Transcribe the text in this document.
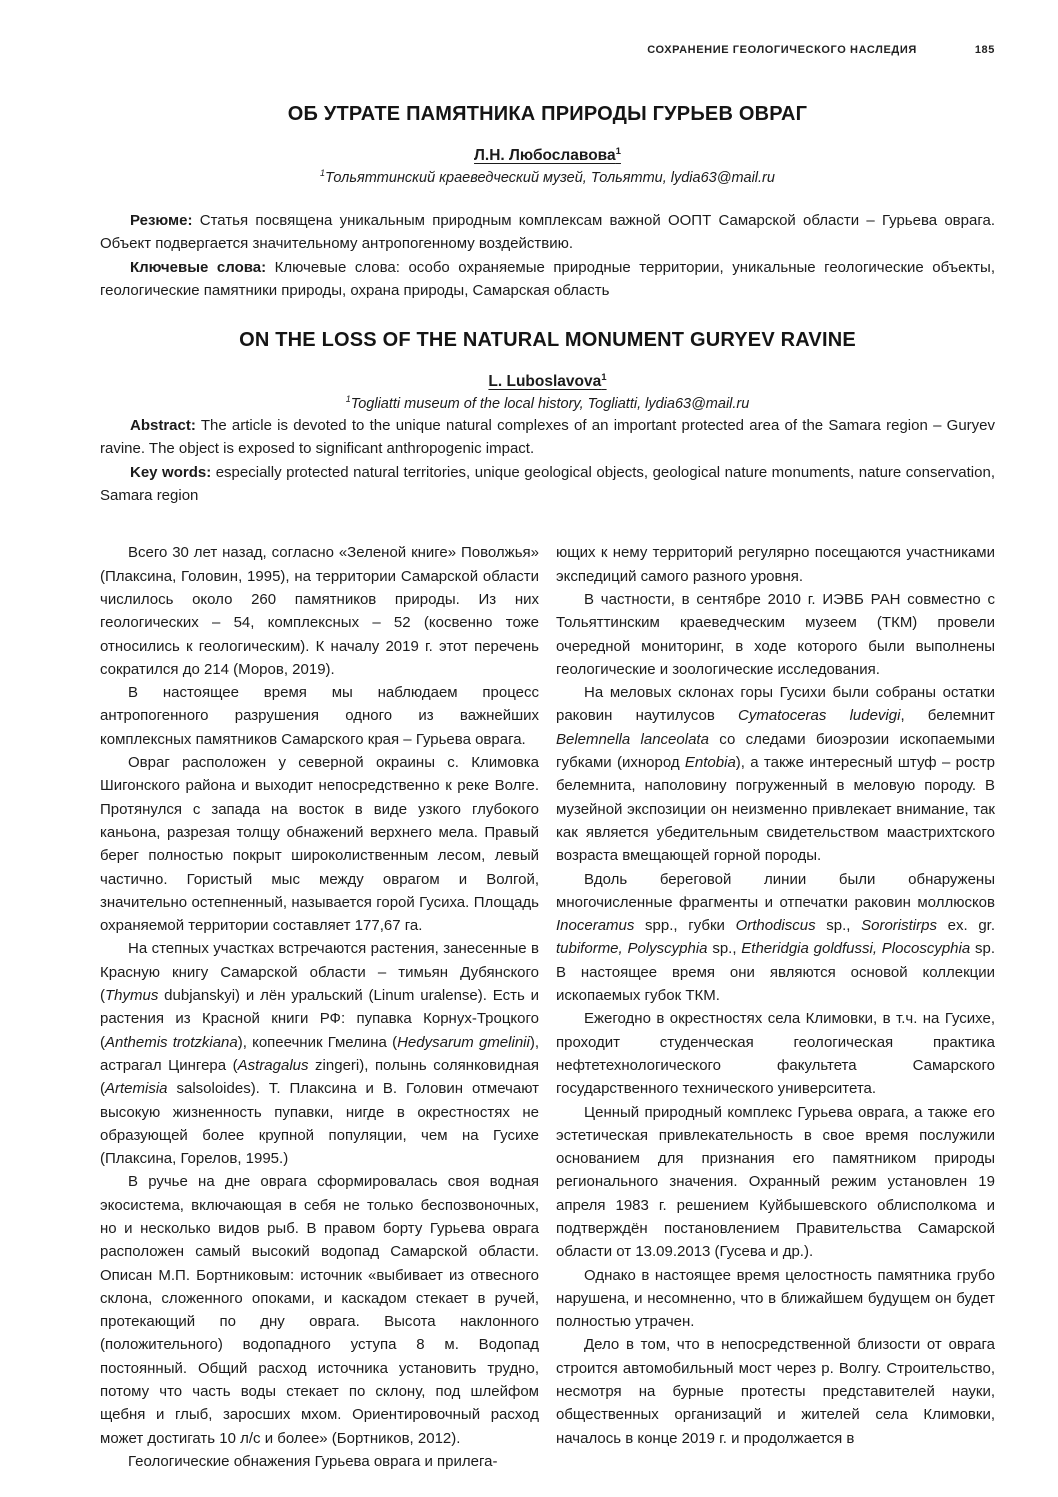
СОХРАНЕНИЕ ГЕОЛОГИЧЕСКОГО НАСЛЕДИЯ	185
ОБ УТРАТЕ ПАМЯТНИКА ПРИРОДЫ ГУРЬЕВ ОВРАГ
Л.Н. Любославова$^1$
$^1$Тольяттинский краеведческий музей, Тольятти, lydia63@mail.ru

Резюме: Статья посвящена уникальным природным комплексам важной ООПТ Самарской области – Гурьева оврага. Объект подвергается значительному антропогенному воздействию.

Ключевые слова: Ключевые слова: особо охраняемые природные территории, уникальные геологические объекты, геологические памятники природы, охрана природы, Самарская область

ON THE LOSS OF THE NATURAL MONUMENT GURYEV RAVINE
L. Luboslavova$^1$
$^1$Togliatti museum of the local history, Togliatti, lydia63@mail.ru

Abstract: The article is devoted to the unique natural complexes of an important protected area of the Samara region – Guryev ravine. The object is exposed to significant anthropogenic impact.

Key words: especially protected natural territories, unique geological objects, geological nature monuments, nature conservation, Samara region

Всего 30 лет назад, согласно «Зеленой книге» Поволжья» (Плаксина, Головин, 1995), на территории Самарской области числилось около 260 памятников природы. Из них геологических – 54, комплексных – 52 (косвенно тоже относились к геологическим). К началу 2019 г. этот перечень сократился до 214 (Моров, 2019).

В настоящее время мы наблюдаем процесс антропогенного разрушения одного из важнейших комплексных памятников Самарского края – Гурьева оврага.

Овраг расположен у северной окраины с. Климовка Шигонского района и выходит непосредственно к реке Волге. Протянулся с запада на восток в виде узкого глубокого каньона, разрезая толщу обнажений верхнего мела. Правый берег полностью покрыт широколиственным лесом, левый частично. Гористый мыс между оврагом и Волгой, значительно остепненный, называется горой Гусиха. Площадь охраняемой территории составляет 177,67 га.

На степных участках встречаются растения, занесенные в Красную книгу Самарской области – тимьян Дубянского (Thymus dubjanskyi) и лён уральский (Linum uralense). Есть и растения из Красной книги РФ: пупавка Корнух-Троцкого (Anthemis trotzkiana), копеечник Гмелина (Hedysarum gmelinii), астрагал Цингера (Astragalus zingeri), полынь солянковидная (Artemisia salsoloides). Т. Плаксина и В. Головин отмечают высокую жизненность пупавки, нигде в окрестностях не образующей более крупной популяции, чем на Гусихе (Плаксина, Горелов, 1995.)

В ручье на дне оврага сформировалась своя водная экосистема, включающая в себя не только беспозвоночных, но и несколько видов рыб. В правом борту Гурьева оврага расположен самый высокий водопад Самарской области. Описан М.П. Бортниковым: источник «выбивает из отвесного склона, сложенного опоками, и каскадом стекает в ручей, протекающий по дну оврага. Высота наклонного (положительного) водопадного уступа 8 м. Водопад постоянный. Общий расход источника установить трудно, потому что часть воды стекает по склону, под шлейфом щебня и глыб, заросших мхом. Ориентировочный расход может достигать 10 л/с и более» (Бортников, 2012).

Геологические обнажения Гурьева оврага и прилега-

ющих к нему территорий регулярно посещаются участниками экспедиций самого разного уровня.

В частности, в сентябре 2010 г. ИЭВБ РАН совместно с Тольяттинским краеведческим музеем (ТКМ) провели очередной мониторинг, в ходе которого были выполнены геологические и зоологические исследования.

На меловых склонах горы Гусихи были собраны остатки раковин наутилусов Cymatoceras ludevigi, белемнит Belemnella lanceolata со следами биоэрозии ископаемыми губками (ихнород Entobia), а также интересный штуф – ростр белемнита, наполовину погруженный в меловую породу. В музейной экспозиции он неизменно привлекает внимание, так как является убедительным свидетельством маастрихтского возраста вмещающей горной породы.

Вдоль береговой линии были обнаружены многочисленные фрагменты и отпечатки раковин моллюсков Inoceramus spp., губки Orthodiscus sp., Sororistirps ex. gr. tubiforme, Polyscyphia sp., Etheridgia goldfussi, Plocoscyphia sp. В настоящее время они являются основой коллекции ископаемых губок ТКМ.

Ежегодно в окрестностях села Климовки, в т.ч. на Гусихе, проходит студенческая геологическая практика нефтетехнологического факультета Самарского государственного технического университета.

Ценный природный комплекс Гурьева оврага, а также его эстетическая привлекательность в свое время послужили основанием для признания его памятником природы регионального значения. Охранный режим установлен 19 апреля 1983 г. решением Куйбышевского облисполкома и подтверждён постановлением Правительства Самарской области от 13.09.2013 (Гусева и др.).

Однако в настоящее время целостность памятника грубо нарушена, и несомненно, что в ближайшем будущем он будет полностью утрачен.

Дело в том, что в непосредственной близости от оврага строится автомобильный мост через р. Волгу. Строительство, несмотря на бурные протесты представителей науки, общественных организаций и жителей села Климовки, началось в конце 2019 г. и продолжается в
